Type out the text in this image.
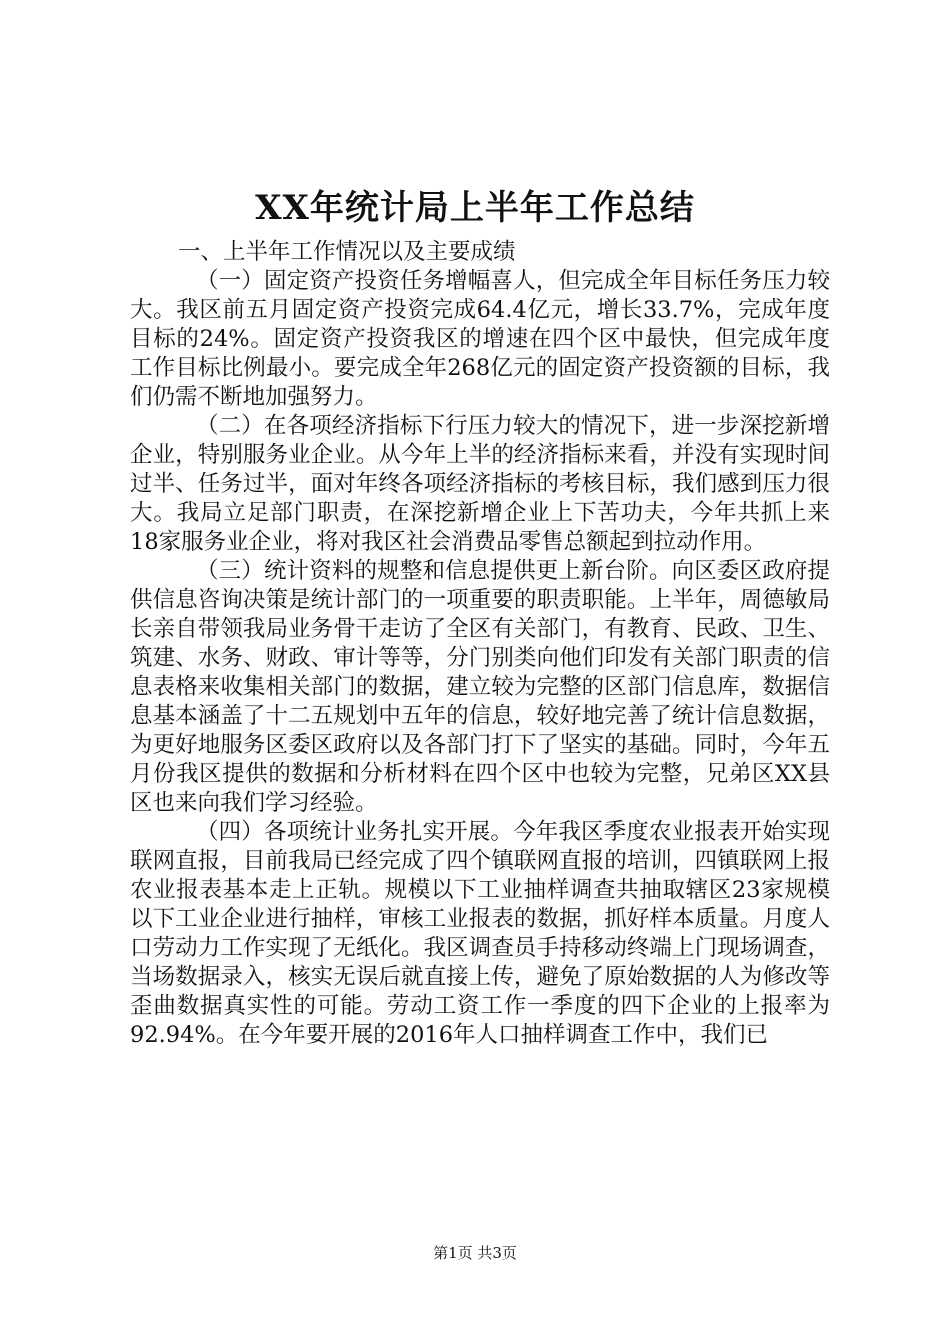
XX年统计局上半年工作总结

一、上半年工作情况以及主要成绩

（一）固定资产投资任务增幅喜人，但完成全年目标任务压力较大。我区前五月固定资产投资完成64.4亿元，增长33.7%，完成年度目标的24%。固定资产投资我区的增速在四个区中最快，但完成年度工作目标比例最小。要完成全年268亿元的固定资产投资额的目标，我们仍需不断地加强努力。

（二）在各项经济指标下行压力较大的情况下，进一步深挖新增企业，特别服务业企业。从今年上半的经济指标来看，并没有实现时间过半、任务过半，面对年终各项经济指标的考核目标，我们感到压力很大。我局立足部门职责，在深挖新增企业上下苦功夫，今年共抓上来18家服务业企业，将对我区社会消费品零售总额起到拉动作用。

（三）统计资料的规整和信息提供更上新台阶。向区委区政府提供信息咨询决策是统计部门的一项重要的职责职能。上半年，周德敏局长亲自带领我局业务骨干走访了全区有关部门，有教育、民政、卫生、筑建、水务、财政、审计等等，分门别类向他们印发有关部门职责的信息表格来收集相关部门的数据，建立较为完整的区部门信息库，数据信息基本涵盖了十二五规划中五年的信息，较好地完善了统计信息数据，为更好地服务区委区政府以及各部门打下了坚实的基础。同时，今年五月份我区提供的数据和分析材料在四个区中也较为完整，兄弟区XX县区也来向我们学习经验。

（四）各项统计业务扎实开展。今年我区季度农业报表开始实现联网直报，目前我局已经完成了四个镇联网直报的培训，四镇联网上报农业报表基本走上正轨。规模以下工业抽样调查共抽取辖区23家规模以下工业企业进行抽样，审核工业报表的数据，抓好样本质量。月度人口劳动力工作实现了无纸化。我区调查员手持移动终端上门现场调查，当场数据录入，核实无误后就直接上传，避免了原始数据的人为修改等歪曲数据真实性的可能。劳动工资工作一季度的四下企业的上报率为92.94%。在今年要开展的2016年人口抽样调查工作中，我们已

第1页 共3页
